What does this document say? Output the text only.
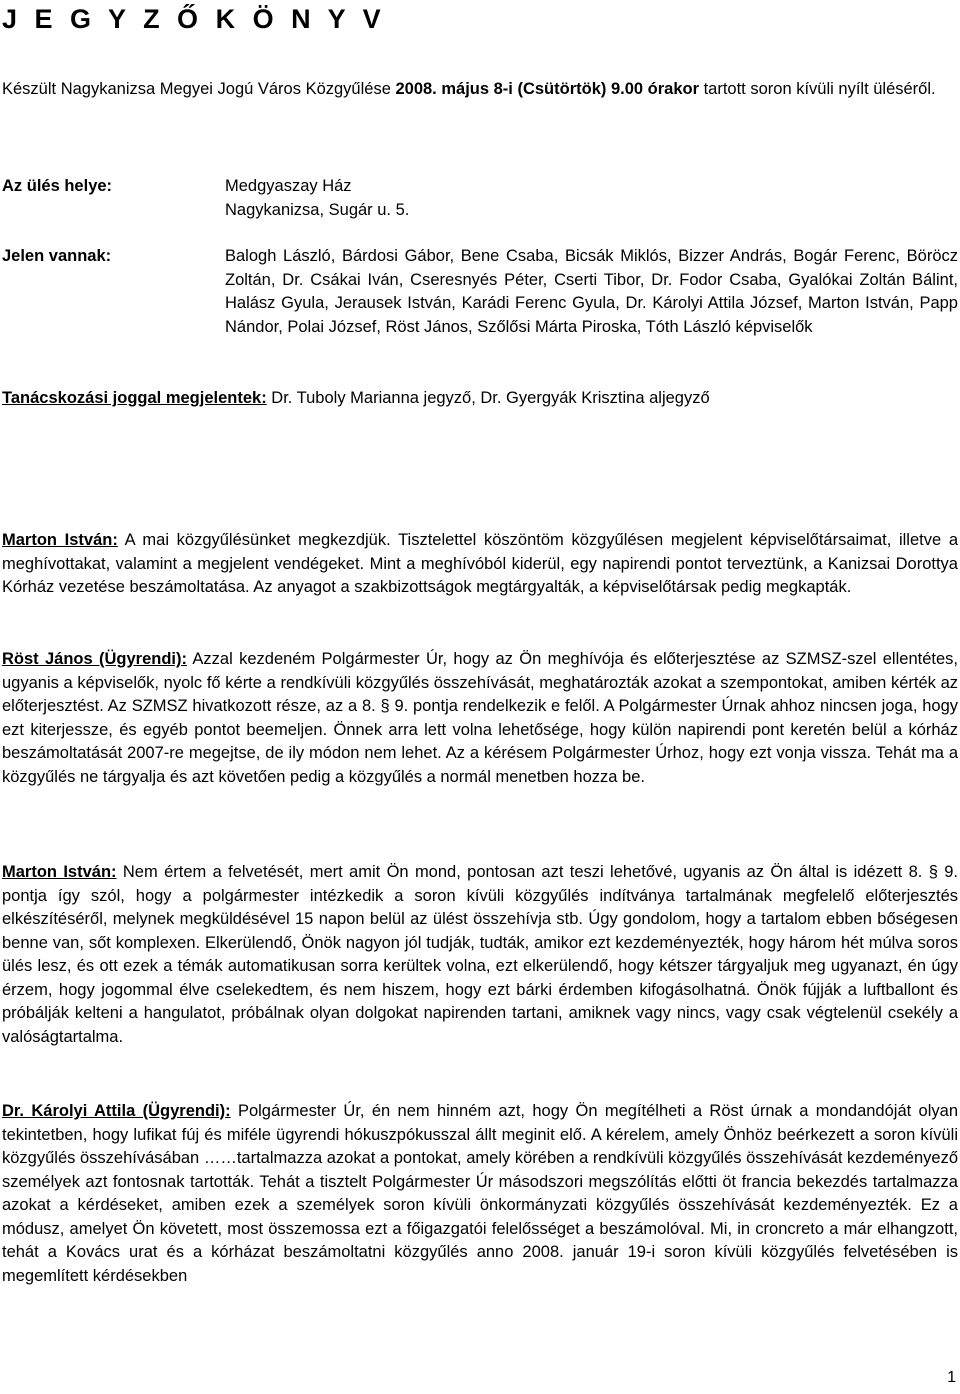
J E G Y Z Ő K Ö N Y V
Készült Nagykanizsa Megyei Jogú Város Közgyűlése 2008. május 8-i (Csütörtök) 9.00 órakor tartott soron kívüli nyílt üléséről.
Az ülés helye:	Medgyaszay Ház
Nagykanizsa, Sugár u. 5.
Jelen vannak:	Balogh László, Bárdosi Gábor, Bene Csaba, Bicsák Miklós, Bizzer András, Bogár Ferenc, Böröcz Zoltán, Dr. Csákai Iván, Cseresnyés Péter, Cserti Tibor, Dr. Fodor Csaba, Gyalókai Zoltán Bálint, Halász Gyula, Jerausek István, Karádi Ferenc Gyula, Dr. Károlyi Attila József, Marton István, Papp Nándor, Polai József, Röst János, Szőlősi Márta Piroska, Tóth László képviselők
Tanácskozási joggal megjelentek: Dr. Tuboly Marianna jegyző, Dr. Gyergyák Krisztina aljegyző
Marton István: A mai közgyűlésünket megkezdjük. Tisztelettel köszöntöm közgyűlésen megjelent képviselőtársaimat, illetve a meghívottakat, valamint a megjelent vendégeket. Mint a meghívóból kiderül, egy napirendi pontot terveztünk, a Kanizsai Dorottya Kórház vezetése beszámoltatása. Az anyagot a szakbizottságok megtárgyalták, a képviselőtársak pedig megkapták.
Röst János (Ügyrendi): Azzal kezdeném Polgármester Úr, hogy az Ön meghívója és előterjesztése az SZMSZ-szel ellentétes, ugyanis a képviselők, nyolc fő kérte a rendkívüli közgyűlés összehívását, meghatározták azokat a szempontokat, amiben kérték az előterjesztést. Az SZMSZ hivatkozott része, az a 8. § 9. pontja rendelkezik e felől. A Polgármester Úrnak ahhoz nincsen joga, hogy ezt kiterjessze, és egyéb pontot beemeljen. Önnek arra lett volna lehetősége, hogy külön napirendi pont keretén belül a kórház beszámoltatását 2007-re megejtse, de ily módon nem lehet. Az a kérésem Polgármester Úrhoz, hogy ezt vonja vissza. Tehát ma a közgyűlés ne tárgyalja és azt követően pedig a közgyűlés a normál menetben hozza be.
Marton István: Nem értem a felvetését, mert amit Ön mond, pontosan azt teszi lehetővé, ugyanis az Ön által is idézett 8. § 9. pontja így szól, hogy a polgármester intézkedik a soron kívüli közgyűlés indítványa tartalmának megfelelő előterjesztés elkészítéséről, melynek megküldésével 15 napon belül az ülést összehívja stb. Úgy gondolom, hogy a tartalom ebben bőségesen benne van, sőt komplexen. Elkerülendő, Önök nagyon jól tudják, tudták, amikor ezt kezdeményezték, hogy három hét múlva soros ülés lesz, és ott ezek a témák automatikusan sorra kerültek volna, ezt elkerülendő, hogy kétszer tárgyaljuk meg ugyanazt, én úgy érzem, hogy jogommal élve cselekedtem, és nem hiszem, hogy ezt bárki érdemben kifogásolhatná. Önök fújják a luftballont és próbálják kelteni a hangulatot, próbálnak olyan dolgokat napirenden tartani, amiknek vagy nincs, vagy csak végtelenül csekély a valóságtartalma.
Dr. Károlyi Attila (Ügyrendi): Polgármester Úr, én nem hinném azt, hogy Ön megítélheti a Röst úrnak a mondandóját olyan tekintetben, hogy lufikat fúj és miféle ügyrendi hókuszpókusszal állt meginit elő. A kérelem, amely Önhöz beérkezett a soron kívüli közgyűlés összehívásában ……tartalmazza azokat a pontokat, amely körében a rendkívüli közgyűlés összehívását kezdeményező személyek azt fontosnak tartották. Tehát a tisztelt Polgármester Úr másodszori megszólítás előtti öt francia bekezdés tartalmazza azokat a kérdéseket, amiben ezek a személyek soron kívüli önkormányzati közgyűlés összehívását kezdeményezték. Ez a módusz, amelyet Ön követett, most összemossa ezt a főigazgatói felelősséget a beszámolóval. Mi, in croncreto a már elhangzott, tehát a Kovács urat és a kórházat beszámoltatni közgyűlés anno 2008. január 19-i soron kívüli közgyűlés felvetésében is megemlített kérdésekben
1
